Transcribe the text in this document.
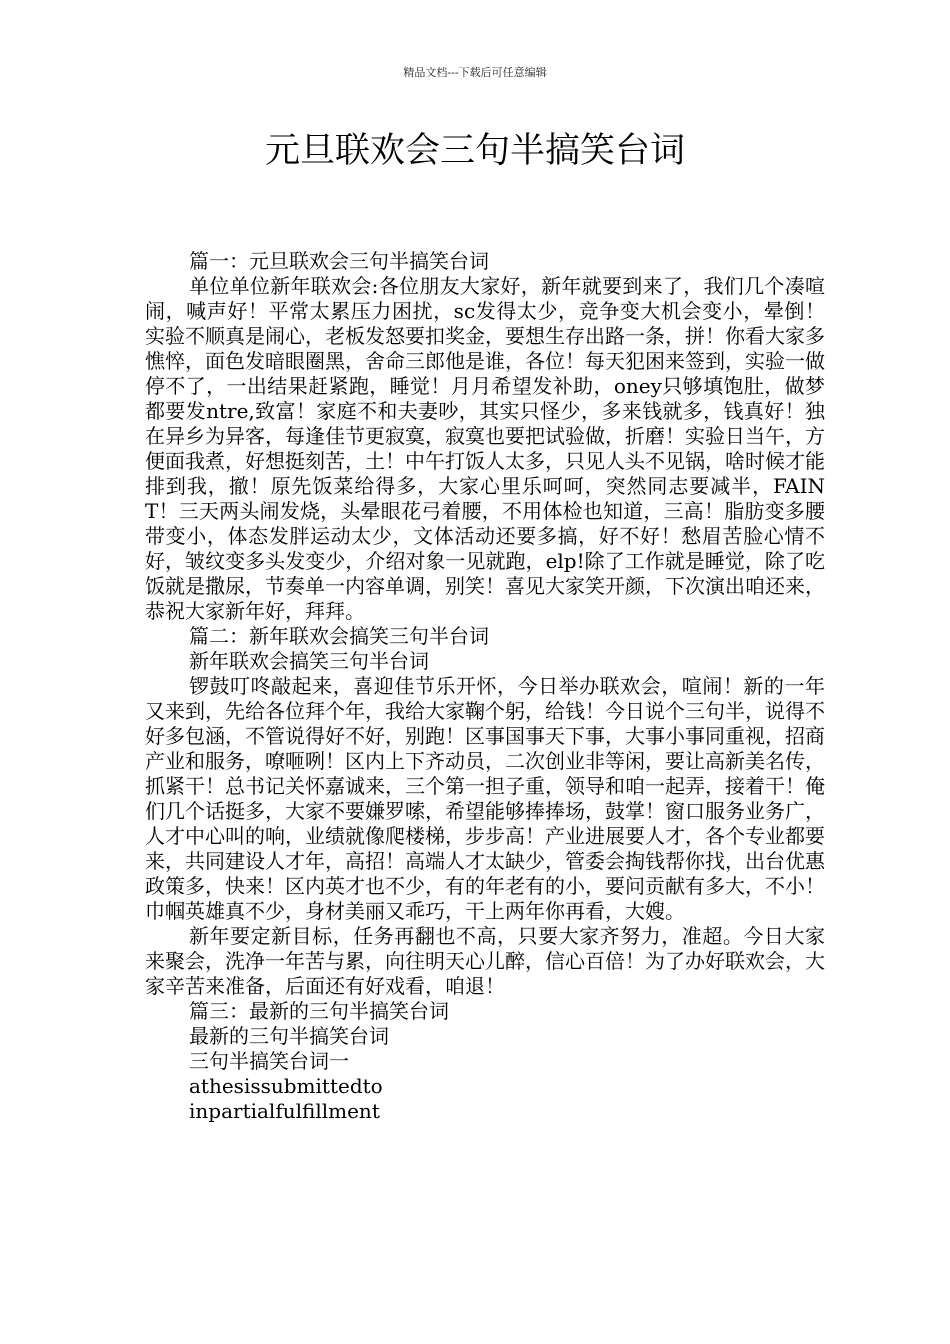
精品文档---下载后可任意编辑
元旦联欢会三句半搞笑台词

篇一：元旦联欢会三句半搞笑台词

单位单位新年联欢会:各位朋友大家好，新年就要到来了，我们几个凑喧闹，喊声好！平常太累压力困扰，sc发得太少，竞争变大机会变小，晕倒！实验不顺真是闹心，老板发怒要扣奖金，要想生存出路一条，拼！你看大家多憔悴，面色发暗眼圈黑，舍命三郎他是谁，各位！每天犯困来签到，实验一做停不了，一出结果赶紧跑，睡觉！月月希望发补助，oney只够填饱肚，做梦都要发ntre,致富！家庭不和夫妻吵，其实只怪少，多来钱就多，钱真好！独在异乡为异客，每逢佳节更寂寞，寂寞也要把试验做，折磨！实验日当午，方便面我煮，好想挺刻苦，土！中午打饭人太多，只见人头不见锅，啥时候才能排到我，撤！原先饭菜给得多，大家心里乐呵呵，突然同志要减半，FAINT！三天两头闹发烧，头晕眼花弓着腰，不用体检也知道，三高！脂肪变多腰带变小，体态发胖运动太少，文体活动还要多搞，好不好！愁眉苦脸心情不好，皱纹变多头发变少，介绍对象一见就跑，elp!除了工作就是睡觉，除了吃饭就是撒尿，节奏单一内容单调，别笑！喜见大家笑开颜，下次演出咱还来，恭祝大家新年好，拜拜。

篇二：新年联欢会搞笑三句半台词

新年联欢会搞笑三句半台词

锣鼓叮咚敲起来，喜迎佳节乐开怀，今日举办联欢会，喧闹！新的一年又来到，先给各位拜个年，我给大家鞠个躬，给钱！今日说个三句半，说得不好多包涵，不管说得好不好，别跑！区事国事天下事，大事小事同重视，招商产业和服务，嘹咂咧！区内上下齐动员，二次创业非等闲，要让高新美名传，抓紧干！总书记关怀嘉诚来，三个第一担子重，领导和咱一起弄，接着干！俺们几个话挺多，大家不要嫌罗嗦，希望能够捧捧场，鼓掌！窗口服务业务广，人才中心叫的响，业绩就像爬楼梯，步步高！产业进展要人才，各个专业都要来，共同建设人才年，高招！高端人才太缺少，管委会掏钱帮你找，出台优惠政策多，快来！区内英才也不少，有的年老有的小，要问贡献有多大，不小！巾帼英雄真不少，身材美丽又乖巧，干上两年你再看，大嫂。

新年要定新目标，任务再翻也不高，只要大家齐努力，准超。今日大家来聚会，洗净一年苦与累，向往明天心儿醉，信心百倍！为了办好联欢会，大家辛苦来准备，后面还有好戏看，咱退！

篇三：最新的三句半搞笑台词

最新的三句半搞笑台词

三句半搞笑台词一

athesissubmittedto

inpartialfulfillment
